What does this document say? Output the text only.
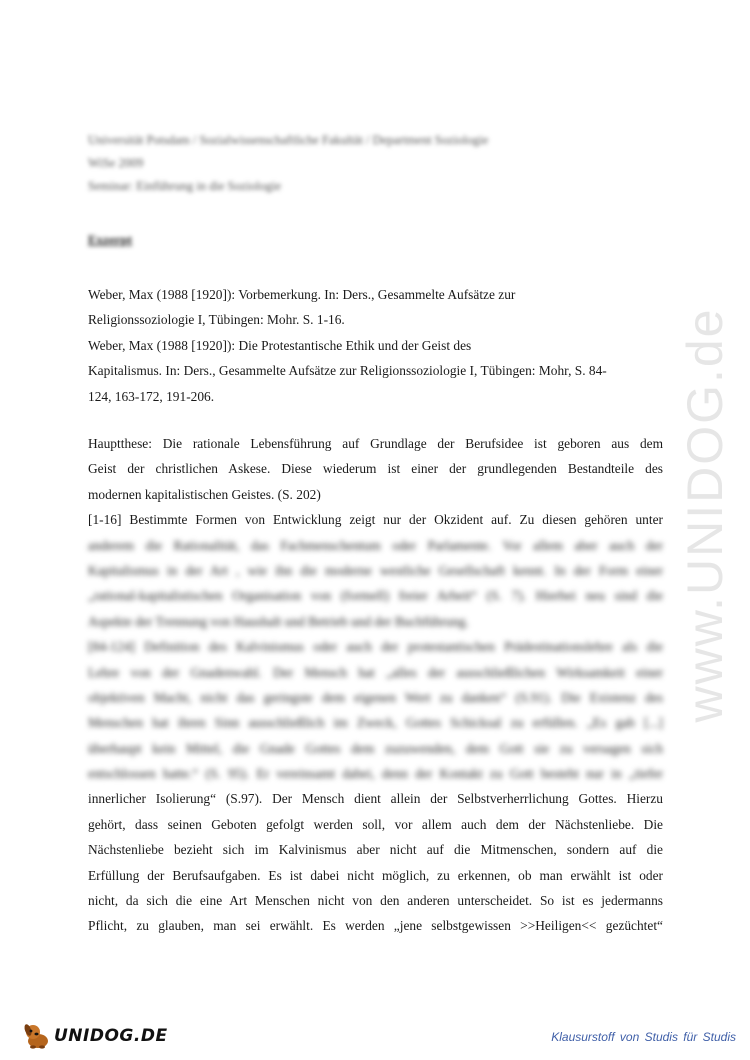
www.UNIDOG.de
Universität Potsdam / Sozialwissenschaftliche Fakultät / Department Soziologie
WiSe 2009
Seminar: Einführung in die Soziologie
Exzerpt
Weber, Max (1988 [1920]): Vorbemerkung. In: Ders., Gesammelte Aufsätze zur
Religionssoziologie I, Tübingen: Mohr. S. 1-16.
Weber, Max (1988 [1920]): Die Protestantische Ethik und der Geist des
Kapitalismus. In: Ders., Gesammelte Aufsätze zur Religionssoziologie I, Tübingen: Mohr, S. 84-
124, 163-172, 191-206.
Hauptthese: Die rationale Lebensführung auf Grundlage der Berufsidee ist geboren aus dem
Geist der christlichen Askese. Diese wiederum ist einer der grundlegenden Bestandteile des
modernen kapitalistischen Geistes. (S. 202)
[1-16] Bestimmte Formen von Entwicklung zeigt nur der Okzident auf. Zu diesen gehören unter
anderem die Rationalität, das Fachmenschentum oder Parlamente. Vor allem aber auch der
Kapitalismus in der Art , wie ihn die moderne westliche Gesellschaft kennt. In der Form einer
„rational-kapitalistischen Organisation von (formell) freier Arbeit“ (S. 7). Hierbei neu sind die
Aspekte der Trennung von Haushalt und Betrieb und der Buchführung.
[84-124] Definition des Kalvinismus oder auch der protestantischen Prädestinationslehre als die
Lehre von der Gnadenwahl. Der Mensch hat „alles der ausschließlichen Wirksamkeit einer
objektiven Macht, nicht das geringste dem eigenen Wert zu danken“ (S.91). Die Existenz des
Menschen hat ihren Sinn ausschließlich im Zweck, Gottes Schicksal zu erfüllen. „Es gab [...]
überhaupt kein Mittel, die Gnade Gottes dem zuzuwenden, dem Gott sie zu versagen sich
entschlossen hatte.“ (S. 95). Er vereinsamt dabei, denn der Kontakt zu Gott besteht nur in „tiefer
innerlicher Isolierung“ (S.97). Der Mensch dient allein der Selbstverherrlichung Gottes. Hierzu
gehört, dass seinen Geboten gefolgt werden soll, vor allem auch dem der Nächstenliebe. Die
Nächstenliebe bezieht sich im Kalvinismus aber nicht auf die Mitmenschen, sondern auf die
Erfüllung der Berufsaufgaben. Es ist dabei nicht möglich, zu erkennen, ob man erwählt ist oder
nicht, da sich die eine Art Menschen nicht von den anderen unterscheidet. So ist es jedermanns
Pflicht, zu glauben, man sei erwählt. Es werden „jene selbstgewissen >>Heiligen<< gezüchtet“
UNIDOG.DE	Klausurstoff von Studis für Studis
